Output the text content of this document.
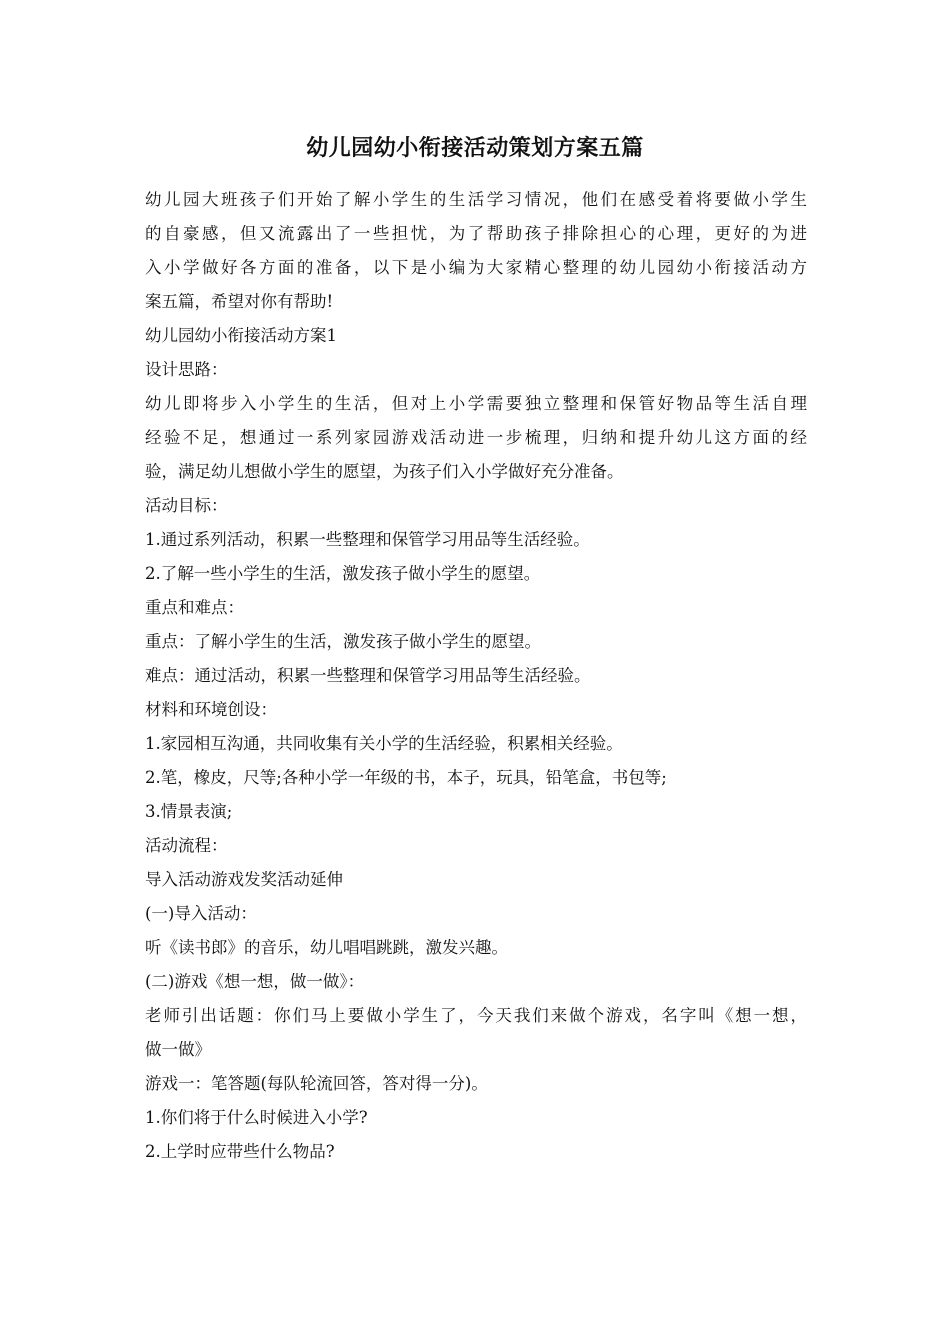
幼儿园幼小衔接活动策划方案五篇
幼儿园大班孩子们开始了解小学生的生活学习情况，他们在感受着将要做小学生
的自豪感，但又流露出了一些担忧，为了帮助孩子排除担心的心理，更好的为进
入小学做好各方面的准备，以下是小编为大家精心整理的幼儿园幼小衔接活动方
案五篇，希望对你有帮助!
幼儿园幼小衔接活动方案1
设计思路：
幼儿即将步入小学生的生活，但对上小学需要独立整理和保管好物品等生活自理
经验不足，想通过一系列家园游戏活动进一步梳理，归纳和提升幼儿这方面的经
验，满足幼儿想做小学生的愿望，为孩子们入小学做好充分准备。
活动目标：
1.通过系列活动，积累一些整理和保管学习用品等生活经验。
2.了解一些小学生的生活，激发孩子做小学生的愿望。
重点和难点：
重点：了解小学生的生活，激发孩子做小学生的愿望。
难点：通过活动，积累一些整理和保管学习用品等生活经验。
材料和环境创设：
1.家园相互沟通，共同收集有关小学的生活经验，积累相关经验。
2.笔，橡皮，尺等;各种小学一年级的书，本子，玩具，铅笔盒，书包等;
3.情景表演;
活动流程：
导入活动游戏发奖活动延伸
(一)导入活动：
听《读书郎》的音乐，幼儿唱唱跳跳，激发兴趣。
(二)游戏《想一想，做一做》：
老师引出话题：你们马上要做小学生了，今天我们来做个游戏，名字叫《想一想，
做一做》
游戏一：笔答题(每队轮流回答，答对得一分)。
1.你们将于什么时候进入小学?
2.上学时应带些什么物品?
